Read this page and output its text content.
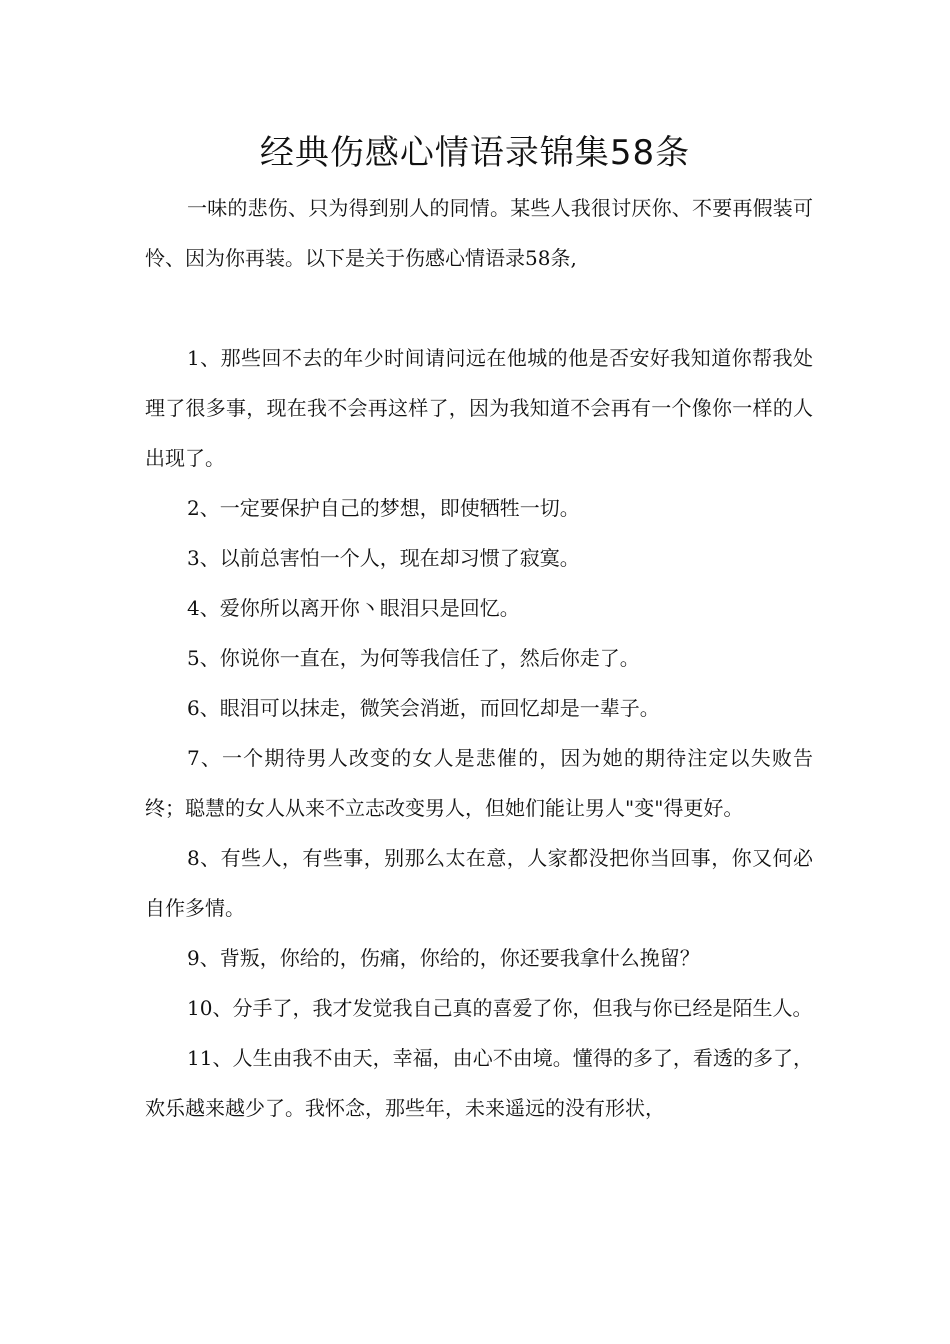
经典伤感心情语录锦集58条

一味的悲伤、只为得到别人的同情。某些人我很讨厌你、不要再假装可怜、因为你再装。以下是关于伤感心情语录58条,

1、那些回不去的年少时间请问远在他城的他是否安好我知道你帮我处理了很多事，现在我不会再这样了，因为我知道不会再有一个像你一样的人出现了。

2、一定要保护自己的梦想，即使牺牲一切。

3、以前总害怕一个人，现在却习惯了寂寞。

4、爱你所以离开你丶眼泪只是回忆。

5、你说你一直在，为何等我信任了，然后你走了。

6、眼泪可以抹走，微笑会消逝，而回忆却是一辈子。

7、一个期待男人改变的女人是悲催的，因为她的期待注定以失败告终；聪慧的女人从来不立志改变男人，但她们能让男人"变"得更好。

8、有些人，有些事，别那么太在意，人家都没把你当回事，你又何必自作多情。

9、背叛，你给的，伤痛，你给的，你还要我拿什么挽留？

10、分手了，我才发觉我自己真的喜爱了你，但我与你已经是陌生人。

11、人生由我不由天，幸福，由心不由境。懂得的多了，看透的多了，欢乐越来越少了。我怀念，那些年，未来遥远的没有形状，
